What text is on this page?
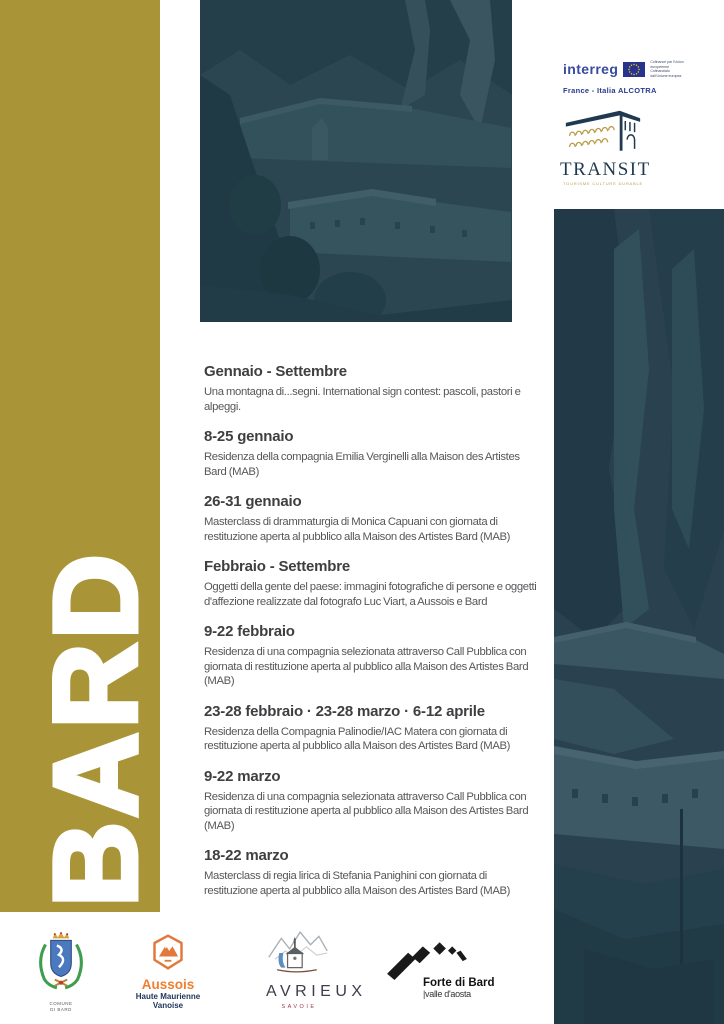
BARD
interreg	Cofinancé par l'Union européenne
Cofinanziato dall'Unione europea
France - Italia ALCOTRA
TRANSIT
TOURISME CULTURE DURABLE
Gennaio - Settembre

Una montagna di...segni. International sign contest: pascoli, pastori e alpeggi.

8-25 gennaio

Residenza della compagnia Emilia Verginelli alla Maison des Artistes Bard (MAB)

26-31 gennaio

Masterclass di drammaturgia di Monica Capuani con giornata di restituzione aperta al pubblico alla Maison des Artistes Bard (MAB)

Febbraio - Settembre

Oggetti della gente del paese: immagini fotografiche di persone e oggetti d'affezione realizzate dal fotografo Luc Viart, a Aussois e Bard

9-22 febbraio

Residenza di una compagnia selezionata attraverso Call Pubblica con giornata di restituzione aperta al pubblico alla Maison des Artistes Bard (MAB)

23-28 febbraio · 23-28 marzo · 6-12 aprile

Residenza della Compagnia Palinodie/IAC Matera con giornata di restituzione aperta al pubblico alla Maison des Artistes Bard (MAB)

9-22 marzo

Residenza di una compagnia selezionata attraverso Call Pubblica con giornata di restituzione aperta al pubblico alla Maison des Artistes Bard (MAB)

18-22 marzo

Masterclass di regia lirica di Stefania Panighini con giornata di restituzione aperta al pubblico alla Maison des Artistes Bard (MAB)

COMUNE
DI BARD
Aussois
Haute Maurienne
Vanoise
AVRIEUX
SAVOIE
Forte di Bard
|valle d'aosta
